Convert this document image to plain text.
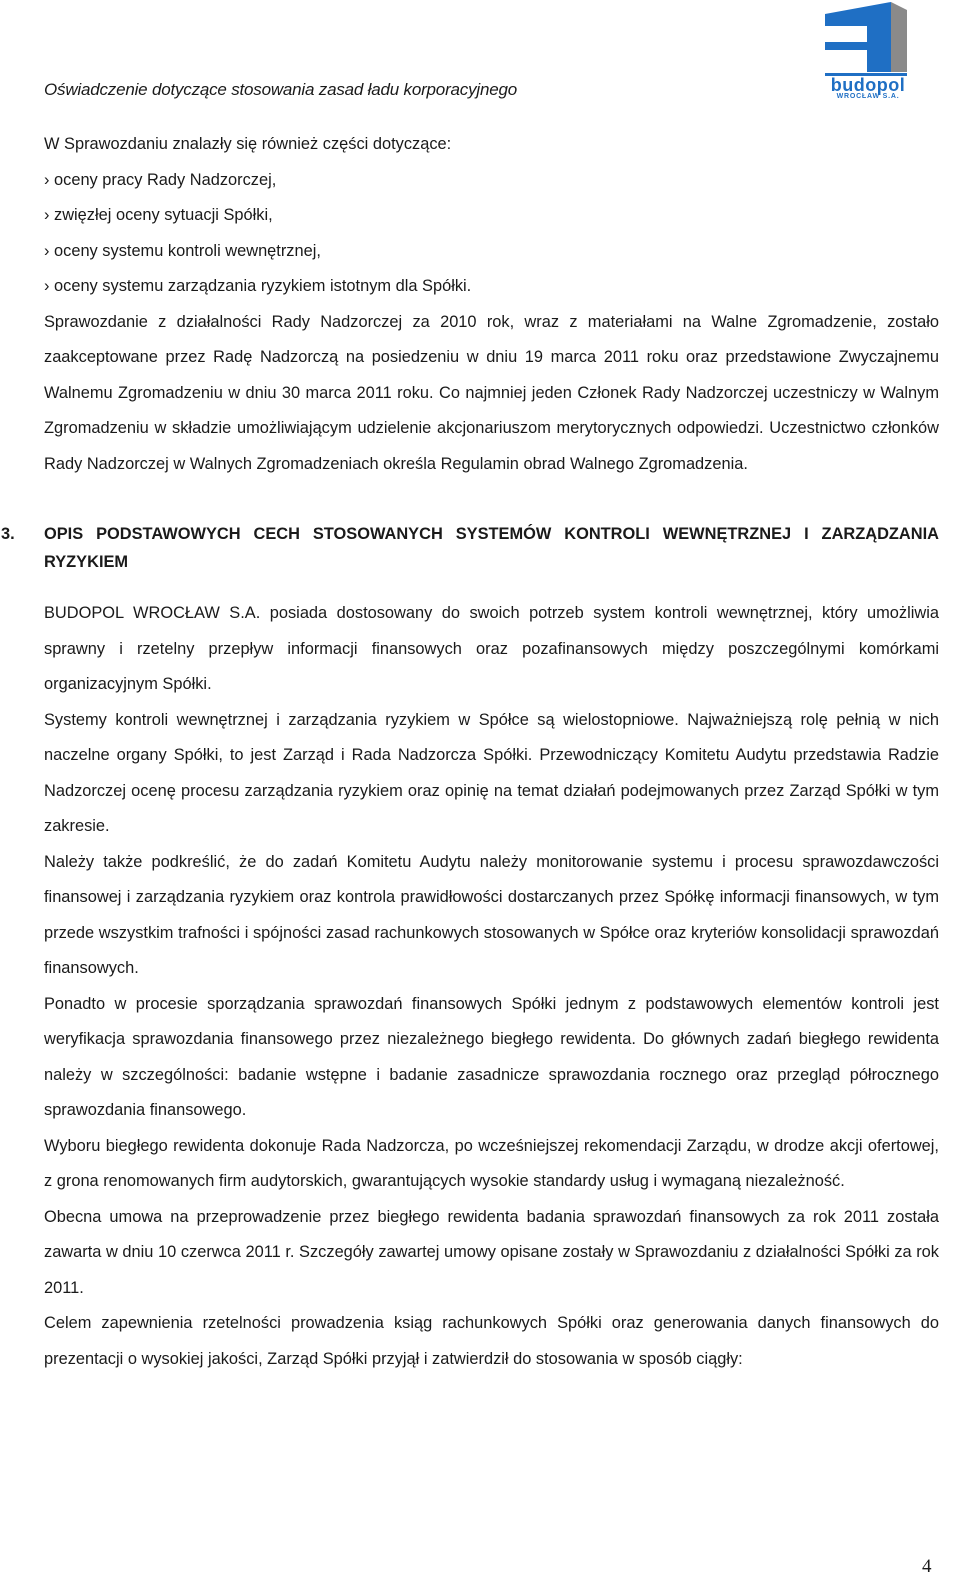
Oświadczenie dotyczące stosowania zasad ładu korporacyjnego	budopol
WROCŁAW S.A.

W Sprawozdaniu znalazły się również części dotyczące:

› oceny pracy Rady Nadzorczej,

› zwięzłej oceny sytuacji Spółki,

› oceny systemu kontroli wewnętrznej,

› oceny systemu zarządzania ryzykiem istotnym dla Spółki.

Sprawozdanie z działalności Rady Nadzorczej za 2010 rok, wraz z materiałami na Walne Zgromadzenie, zostało zaakceptowane przez Radę Nadzorczą na posiedzeniu w dniu 19 marca 2011 roku oraz przedstawione Zwyczajnemu Walnemu Zgromadzeniu w dniu 30 marca 2011 roku. Co najmniej jeden Członek Rady Nadzorczej uczestniczy w Walnym Zgromadzeniu w składzie umożliwiającym udzielenie akcjonariuszom merytorycznych odpowiedzi. Uczestnictwo członków Rady Nadzorczej w Walnych Zgromadzeniach określa Regulamin obrad Walnego Zgromadzenia.

3.	OPIS PODSTAWOWYCH CECH STOSOWANYCH SYSTEMÓW KONTROLI WEWNĘTRZNEJ I ZARZĄDZANIA RYZYKIEM

BUDOPOL WROCŁAW S.A. posiada dostosowany do swoich potrzeb system kontroli wewnętrznej, który umożliwia sprawny i rzetelny przepływ informacji finansowych oraz pozafinansowych między poszczególnymi komórkami organizacyjnym Spółki.

Systemy kontroli wewnętrznej i zarządzania ryzykiem w Spółce są wielostopniowe. Najważniejszą rolę pełnią w nich naczelne organy Spółki, to jest Zarząd i Rada Nadzorcza Spółki. Przewodniczący Komitetu Audytu przedstawia Radzie Nadzorczej ocenę procesu zarządzania ryzykiem oraz opinię na temat działań podejmowanych przez Zarząd Spółki w tym zakresie.

Należy także podkreślić, że do zadań Komitetu Audytu należy monitorowanie systemu i procesu sprawozdawczości finansowej i zarządzania ryzykiem oraz kontrola prawidłowości dostarczanych przez Spółkę informacji finansowych, w tym przede wszystkim trafności i spójności zasad rachunkowych stosowanych w Spółce oraz kryteriów konsolidacji sprawozdań finansowych.

Ponadto w procesie sporządzania sprawozdań finansowych Spółki jednym z podstawowych elementów kontroli jest weryfikacja sprawozdania finansowego przez niezależnego biegłego rewidenta. Do głównych zadań biegłego rewidenta należy w szczególności: badanie wstępne i badanie zasadnicze sprawozdania rocznego oraz przegląd półrocznego sprawozdania finansowego.

Wyboru biegłego rewidenta dokonuje Rada Nadzorcza, po wcześniejszej rekomendacji Zarządu, w drodze akcji ofertowej, z grona renomowanych firm audytorskich, gwarantujących wysokie standardy usług i wymaganą niezależność.

Obecna umowa na przeprowadzenie przez biegłego rewidenta badania sprawozdań finansowych za rok 2011 została zawarta w dniu 10 czerwca 2011 r. Szczegóły zawartej umowy opisane zostały w Sprawozdaniu z działalności Spółki za rok 2011.

Celem zapewnienia rzetelności prowadzenia ksiąg rachunkowych Spółki oraz generowania danych finansowych do prezentacji o wysokiej jakości, Zarząd Spółki przyjął i zatwierdził do stosowania w sposób ciągły:

4
